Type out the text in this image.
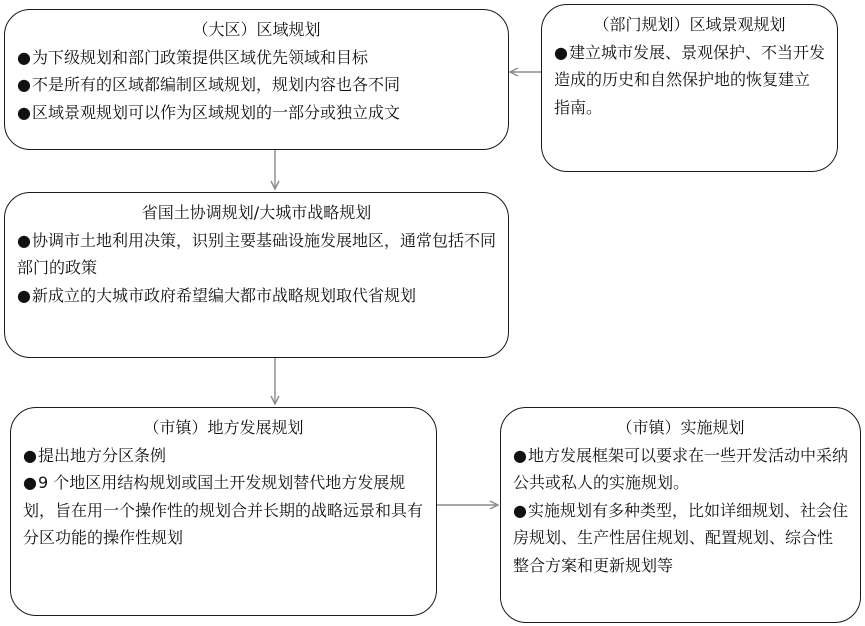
（大区）区域规划
●为下级规划和部门政策提供区域优先领域和目标
●不是所有的区域都编制区域规划，规划内容也各不同
●区域景观规划可以作为区域规划的一部分或独立成文
（部门规划）区域景观规划
●建立城市发展、景观保护、不当开发造成的历史和自然保护地的恢复建立指南。
省国土协调规划/大城市战略规划
●协调市土地利用决策，识别主要基础设施发展地区，通常包括不同部门的政策
●新成立的大城市政府希望编大都市战略规划取代省规划
（市镇）地方发展规划
●提出地方分区条例
●9 个地区用结构规划或国土开发规划替代地方发展规划，旨在用一个操作性的规划合并长期的战略远景和具有分区功能的操作性规划
（市镇）实施规划
●地方发展框架可以要求在一些开发活动中采纳公共或私人的实施规划。
●实施规划有多种类型，比如详细规划、社会住房规划、生产性居住规划、配置规划、综合性整合方案和更新规划等
